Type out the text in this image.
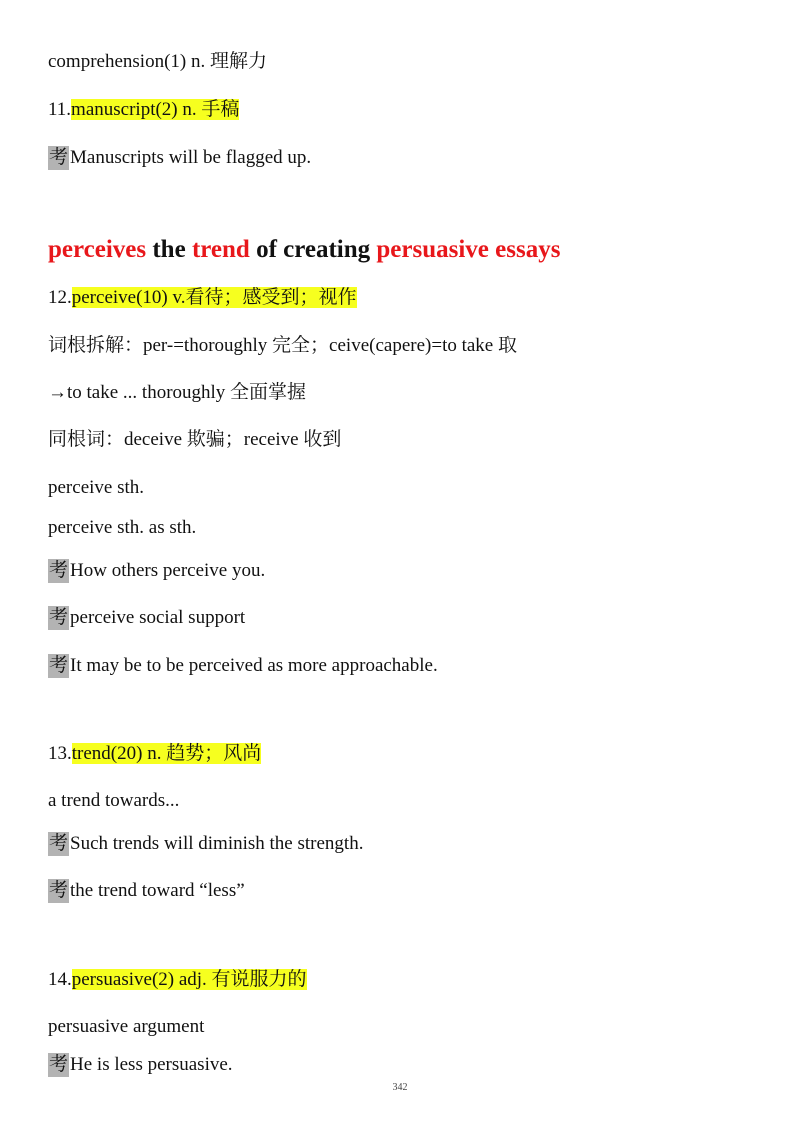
comprehension(1) n. 理解力
11.manuscript(2) n. 手稿
考 Manuscripts will be flagged up.
perceives the trend of creating persuasive essays
12.perceive(10) v.看待；感受到；视作
词根拆解：per-=thoroughly 完全；ceive(capere)=to take 取
→to take ... thoroughly 全面掌握
同根词：deceive 欺骗；receive 收到
perceive sth.
perceive sth. as sth.
考 How others perceive you.
考 perceive social support
考 It may be to be perceived as more approachable.
13.trend(20) n. 趋势；风尚
a trend towards...
考 Such trends will diminish the strength.
考 the trend toward “less”
14.persuasive(2) adj. 有说服力的
persuasive argument
考 He is less persuasive.
342
